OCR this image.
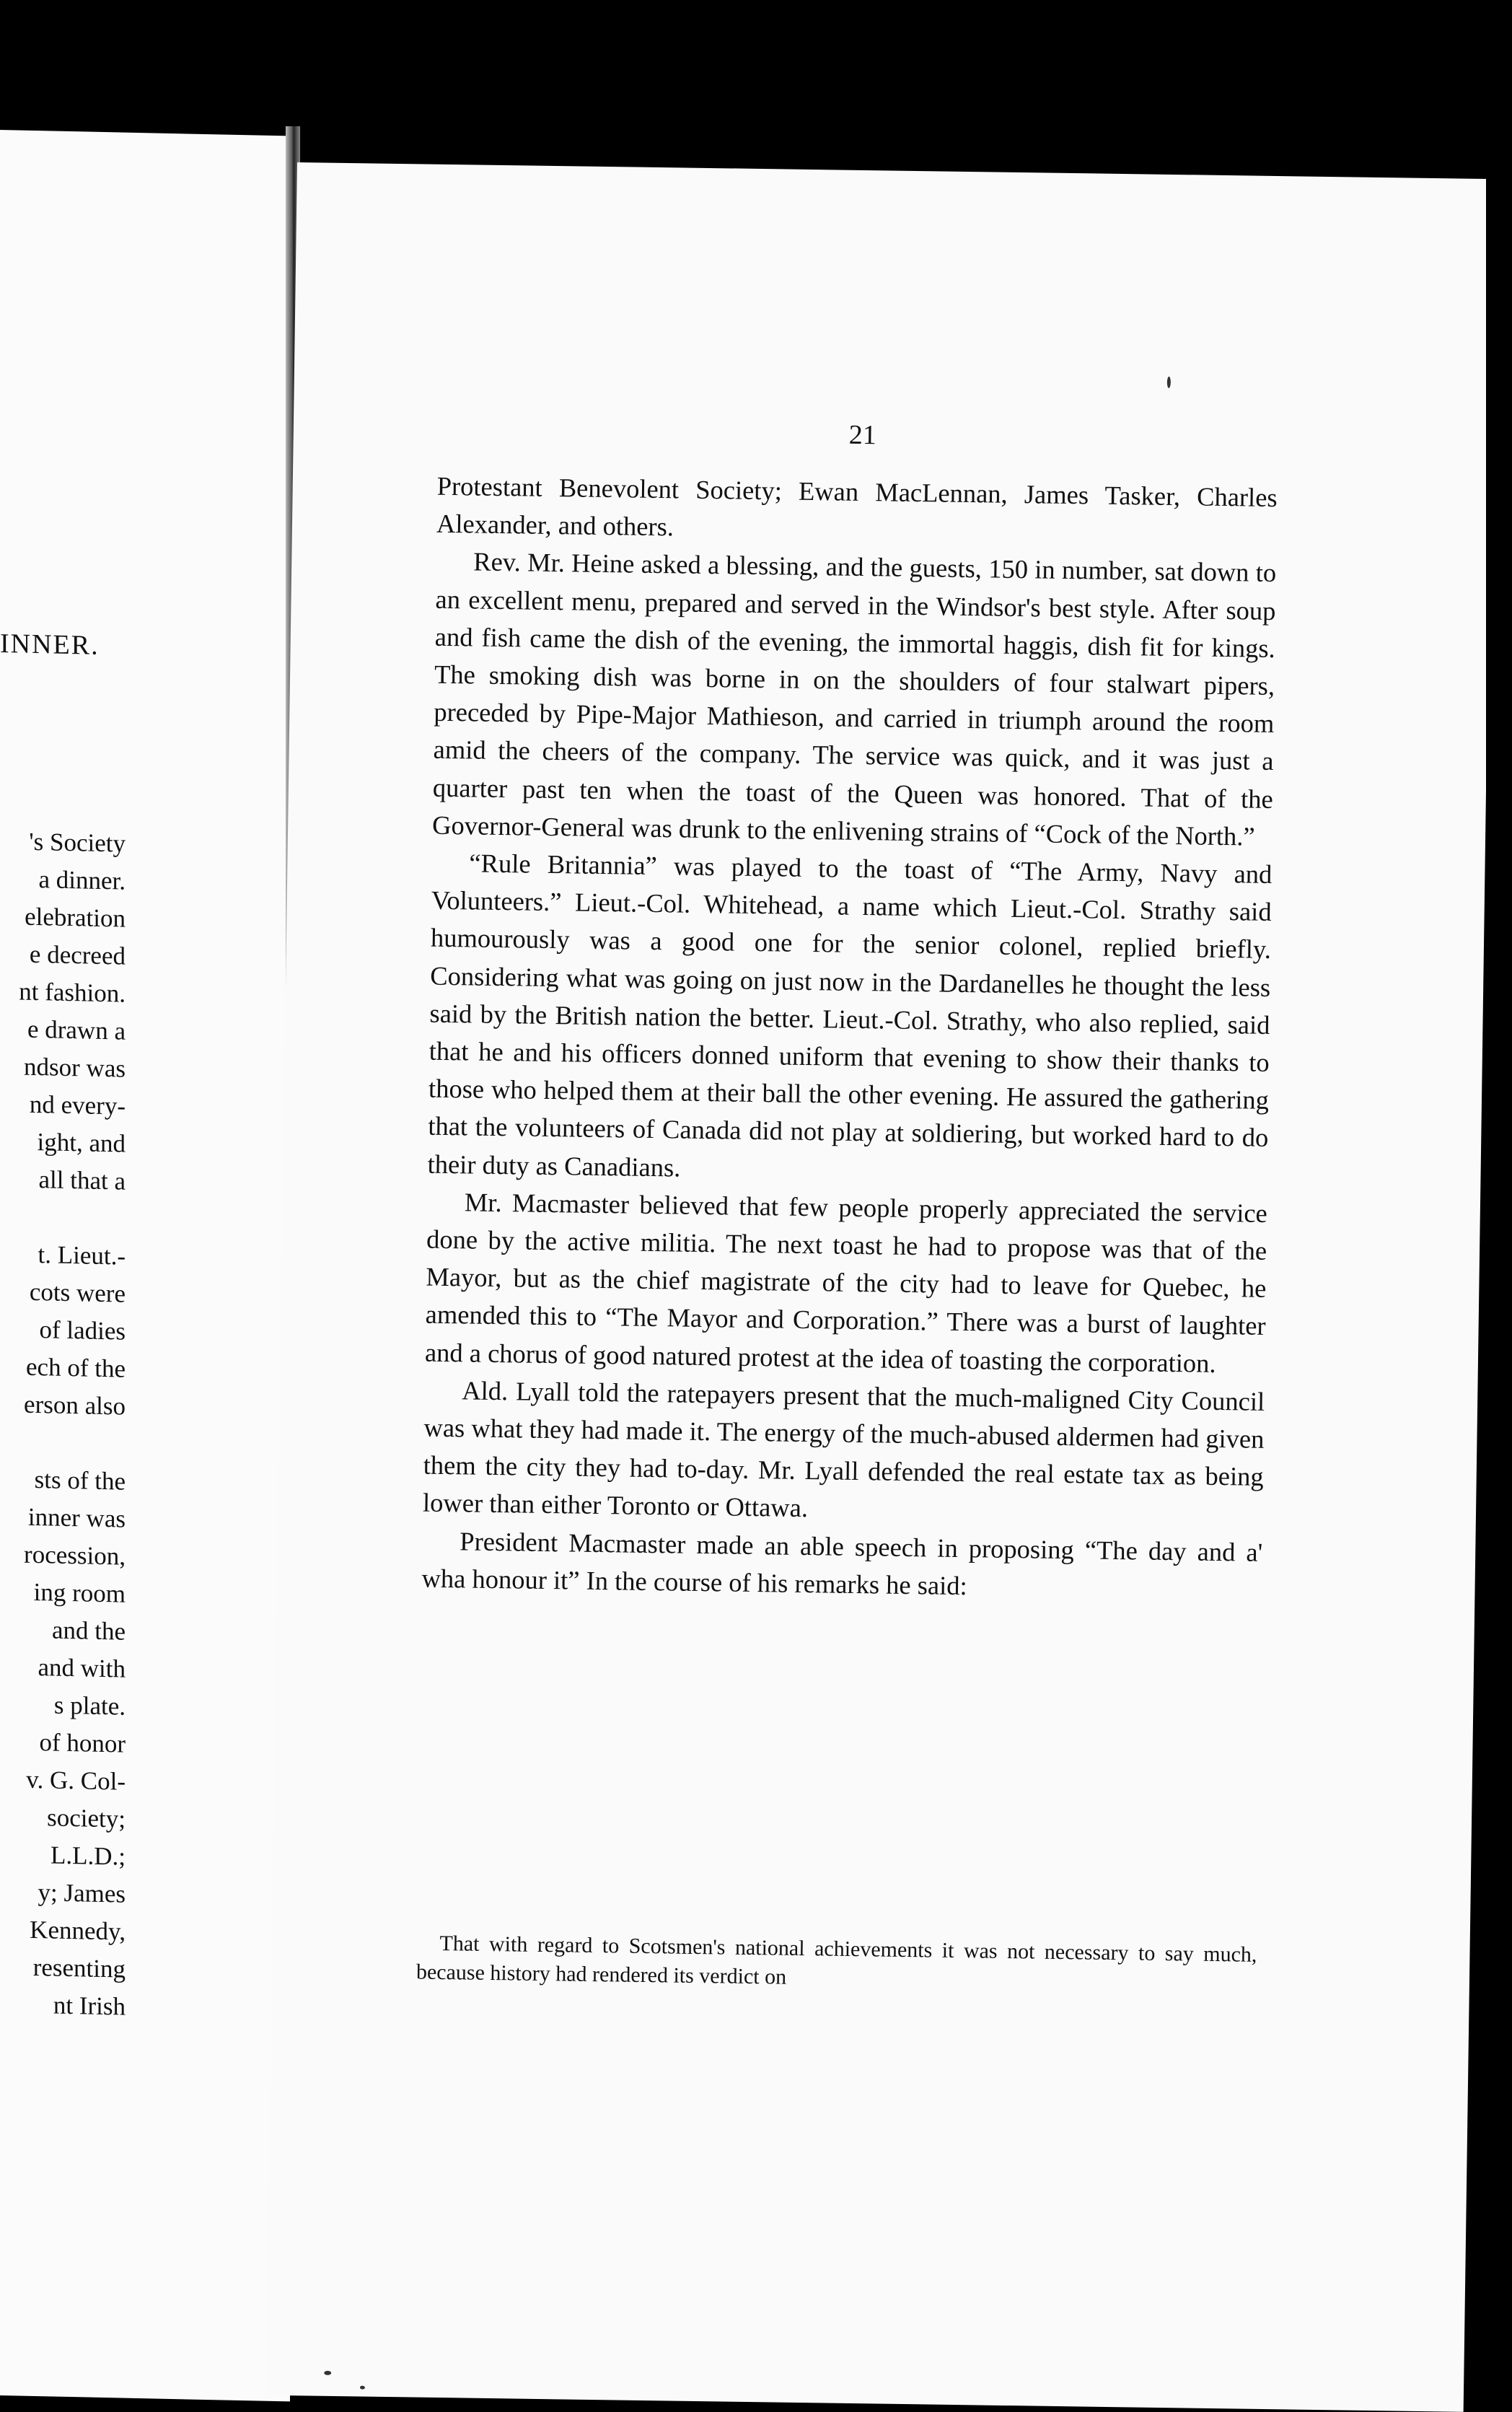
INNER.
's Society
a dinner.
elebration
e decreed
nt fashion.
e drawn a
ndsor was
nd every-
ight, and
all that a
t. Lieut.-
cots were
of ladies
ech of the
erson also
sts of the
inner was
rocession,
ing room
and the
and with
s plate.
of honor
v. G. Col-
society;
L.L.D.;
y; James
Kennedy,
resenting
nt Irish
21

Protestant Benevolent Society; Ewan MacLennan, James Tasker, Charles Alexander, and others.

Rev. Mr. Heine asked a blessing, and the guests, 150 in number, sat down to an excellent menu, prepared and served in the Windsor's best style. After soup and fish came the dish of the evening, the immortal haggis, dish fit for kings. The smoking dish was borne in on the shoulders of four stalwart pipers, preceded by Pipe-Major Mathieson, and carried in triumph around the room amid the cheers of the company. The service was quick, and it was just a quarter past ten when the toast of the Queen was honored. That of the Governor-General was drunk to the enlivening strains of “Cock of the North.”

“Rule Britannia” was played to the toast of “The Army, Navy and Volunteers.” Lieut.-Col. Whitehead, a name which Lieut.-Col. Strathy said humourously was a good one for the senior colonel, replied briefly. Considering what was going on just now in the Dardanelles he thought the less said by the British nation the better. Lieut.-Col. Strathy, who also replied, said that he and his officers donned uniform that evening to show their thanks to those who helped them at their ball the other evening. He assured the gathering that the volunteers of Canada did not play at soldiering, but worked hard to do their duty as Canadians.

Mr. Macmaster believed that few people properly appreciated the service done by the active militia. The next toast he had to propose was that of the Mayor, but as the chief magistrate of the city had to leave for Quebec, he amended this to “The Mayor and Corporation.” There was a burst of laughter and a chorus of good natured protest at the idea of toasting the corporation.

Ald. Lyall told the ratepayers present that the much-maligned City Council was what they had made it. The energy of the much-abused aldermen had given them the city they had to-day. Mr. Lyall defended the real estate tax as being lower than either Toronto or Ottawa.

President Macmaster made an able speech in proposing “The day and a' wha honour it” In the course of his remarks he said:

That with regard to Scotsmen's national achievements it was not necessary to say much, because history had rendered its verdict on
